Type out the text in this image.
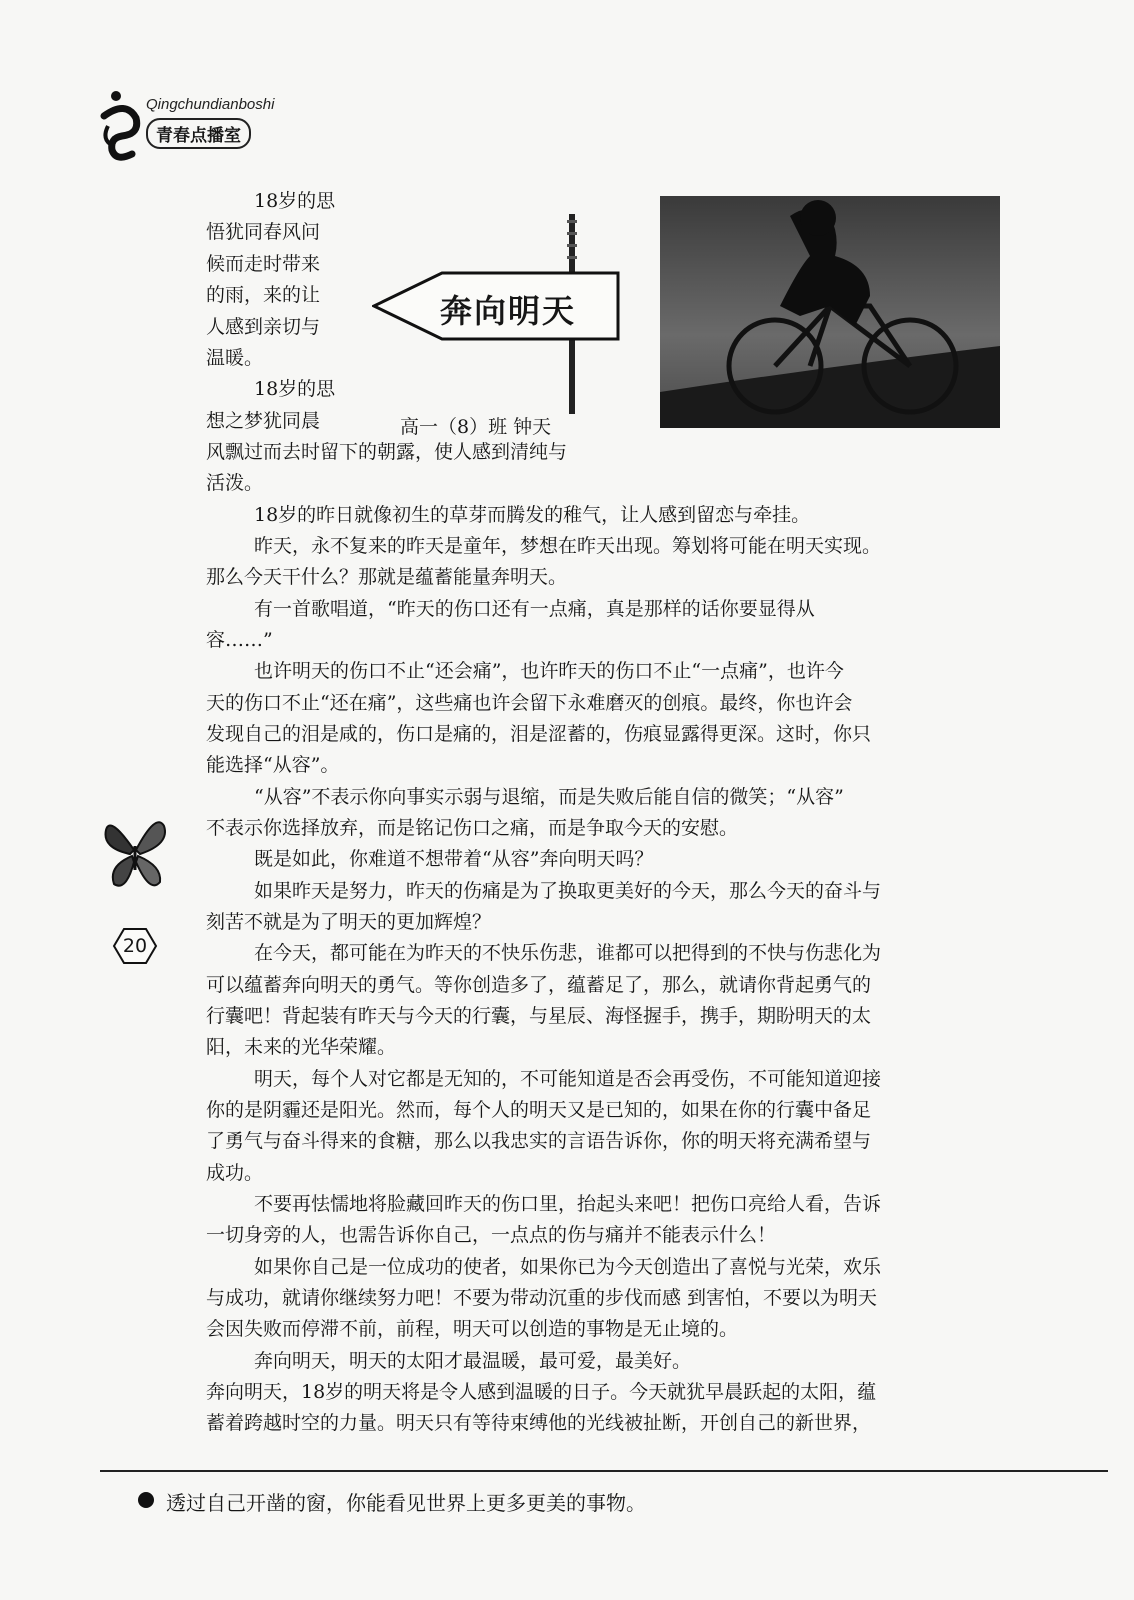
Qingchundianboshi
青春点播室
奔向明天
高一（8）班 钟天
18岁的思
悟犹同春风问
候而走时带来
的雨，来的让
人感到亲切与
温暖。
18岁的思
想之梦犹同晨
风飘过而去时留下的朝露，使人感到清纯与
活泼。
18岁的昨日就像初生的草芽而腾发的稚气，让人感到留恋与牵挂。
昨天，永不复来的昨天是童年，梦想在昨天出现。筹划将可能在明天实现。
那么今天干什么？那就是蕴蓄能量奔明天。
有一首歌唱道，“昨天的伤口还有一点痛，真是那样的话你要显得从
容……”
也许明天的伤口不止“还会痛”，也许昨天的伤口不止“一点痛”，也许今
天的伤口不止“还在痛”，这些痛也许会留下永难磨灭的创痕。最终，你也许会
发现自己的泪是咸的，伤口是痛的，泪是涩蓄的，伤痕显露得更深。这时，你只
能选择“从容”。
“从容”不表示你向事实示弱与退缩，而是失败后能自信的微笑；“从容”
不表示你选择放弃，而是铭记伤口之痛，而是争取今天的安慰。
既是如此，你难道不想带着“从容”奔向明天吗？
如果昨天是努力，昨天的伤痛是为了换取更美好的今天，那么今天的奋斗与
刻苦不就是为了明天的更加辉煌？
在今天，都可能在为昨天的不快乐伤悲，谁都可以把得到的不快与伤悲化为
可以蕴蓄奔向明天的勇气。等你创造多了，蕴蓄足了，那么，就请你背起勇气的
行囊吧！背起装有昨天与今天的行囊，与星辰、海怪握手，携手，期盼明天的太
阳，未来的光华荣耀。
明天，每个人对它都是无知的，不可能知道是否会再受伤，不可能知道迎接
你的是阴霾还是阳光。然而，每个人的明天又是已知的，如果在你的行囊中备足
了勇气与奋斗得来的食糖，那么以我忠实的言语告诉你，你的明天将充满希望与
成功。
不要再怯懦地将脸藏回昨天的伤口里，抬起头来吧！把伤口亮给人看，告诉
一切身旁的人，也需告诉你自己，一点点的伤与痛并不能表示什么！
如果你自己是一位成功的使者，如果你已为今天创造出了喜悦与光荣，欢乐
与成功，就请你继续努力吧！不要为带动沉重的步伐而感 到害怕，不要以为明天
会因失败而停滞不前，前程，明天可以创造的事物是无止境的。
奔向明天，明天的太阳才最温暖，最可爱，最美好。
奔向明天，18岁的明天将是令人感到温暖的日子。今天就犹早晨跃起的太阳，蕴
蓄着跨越时空的力量。明天只有等待束缚他的光线被扯断，开创自己的新世界，
20
透过自己开凿的窗，你能看见世界上更多更美的事物。
